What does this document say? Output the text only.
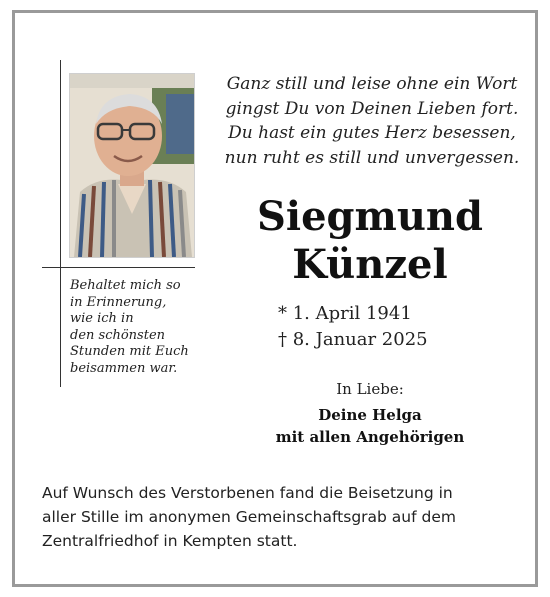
Behaltet mich so
in Erinnerung,
wie ich in
den schönsten
Stunden mit Euch
beisammen war.
Ganz still und leise ohne ein Wort
gingst Du von Deinen Lieben fort.
Du hast ein gutes Herz besessen,
nun ruht es still und unvergessen.
Siegmund
Künzel
* 1. April 1941
† 8. Januar 2025
In Liebe:
Deine Helga
mit allen Angehörigen
Auf Wunsch des Verstorbenen fand die Beisetzung in
aller Stille im anonymen Gemeinschaftsgrab auf dem
Zentralfriedhof in Kempten statt.
